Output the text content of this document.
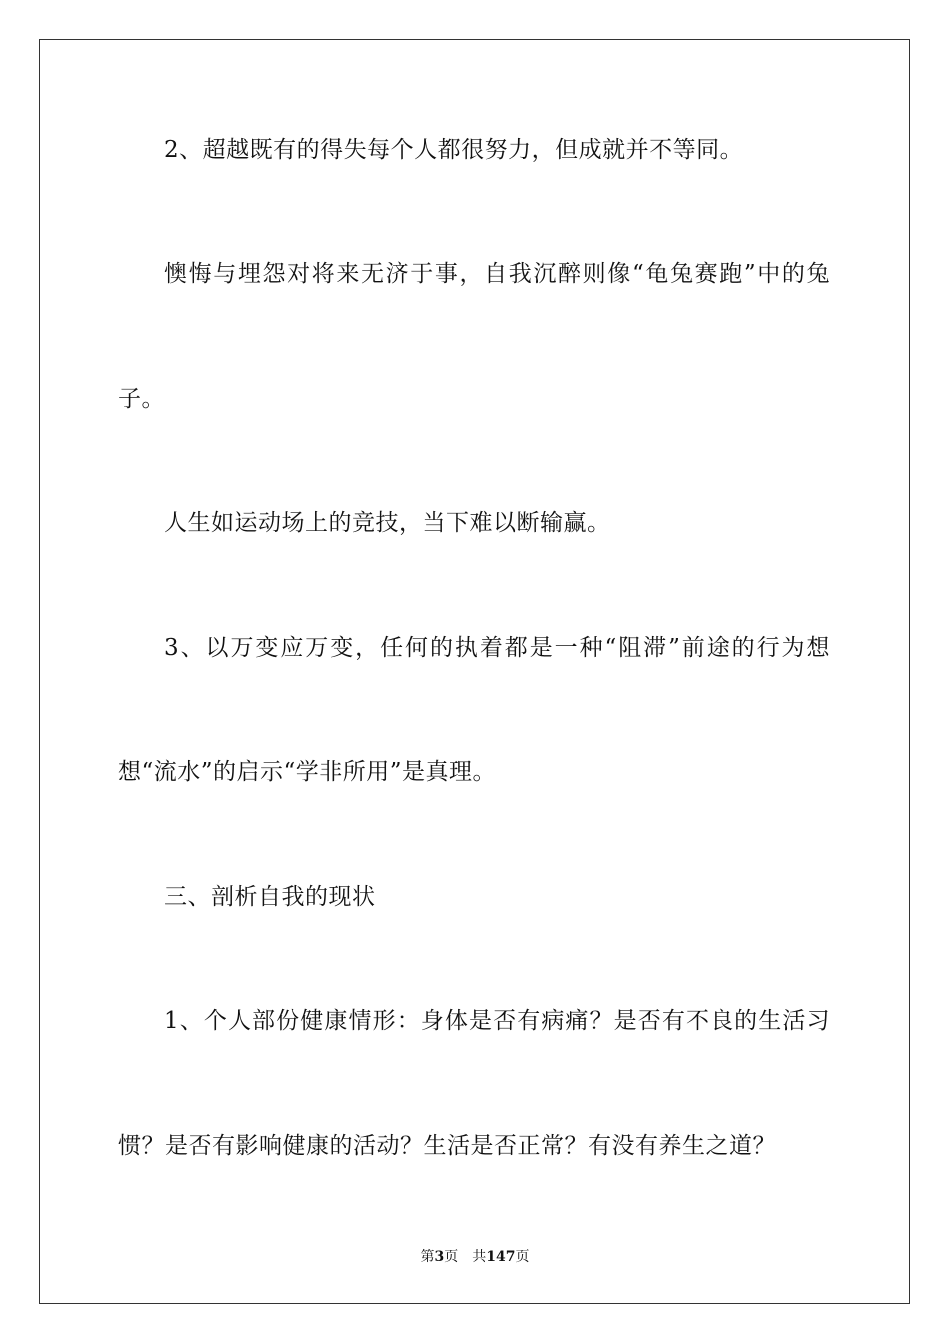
2、超越既有的得失每个人都很努力，但成就并不等同。
懊悔与埋怨对将来无济于事，自我沉醉则像“龟兔赛跑”中的兔
子。
人生如运动场上的竞技，当下难以断输赢。
3、以万变应万变，任何的执着都是一种“阻滞”前途的行为想
想“流水”的启示“学非所用”是真理。
三、剖析自我的现状
1、个人部份健康情形：身体是否有病痛？是否有不良的生活习
惯？是否有影响健康的活动？生活是否正常？有没有养生之道？
第3页 共147页
